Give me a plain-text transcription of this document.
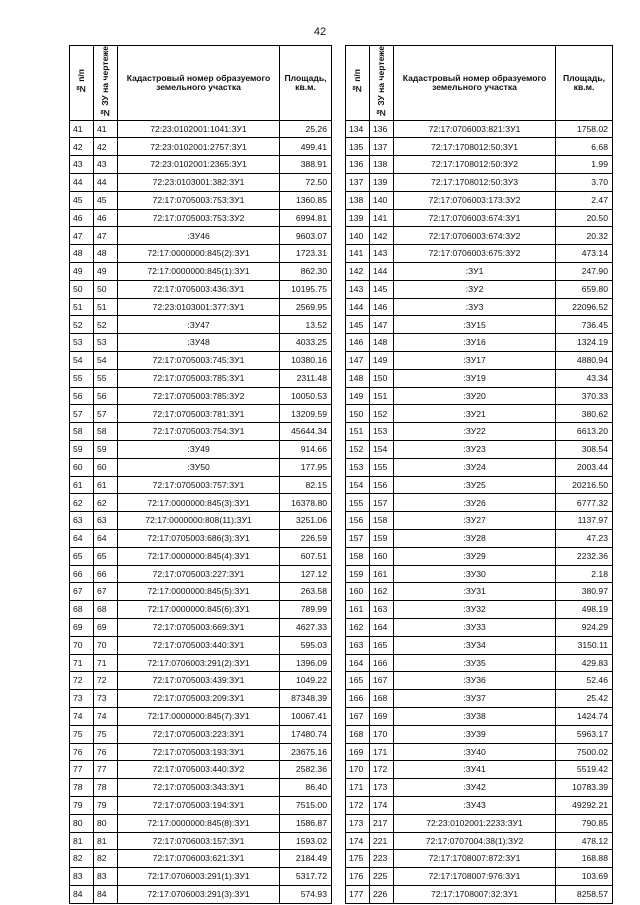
42
№ п/п	№ ЗУ на чертеже	Кадастровый номер образуемого земельного участка	Площадь, кв.м.
41	41	72:23:0102001:1041:ЗУ1	25.26
42	42	72:23:0102001:2757:ЗУ1	499.41
43	43	72:23:0102001:2365:ЗУ1	388.91
44	44	72:23:0103001:382:ЗУ1	72.50
45	45	72:17:0705003:753:ЗУ1	1360.85
46	46	72:17:0705003:753:ЗУ2	6994.81
47	47	:ЗУ46	9603.07
48	48	72:17:0000000:845(2):ЗУ1	1723.31
49	49	72:17:0000000:845(1):ЗУ1	862.30
50	50	72:17:0705003:436:ЗУ1	10195.75
51	51	72:23:0103001:377:ЗУ1	2569.95
52	52	:ЗУ47	13.52
53	53	:ЗУ48	4033.25
54	54	72:17:0705003:745:ЗУ1	10380.16
55	55	72:17:0705003:785:ЗУ1	2311.48
56	56	72:17:0705003:785:ЗУ2	10050.53
57	57	72:17:0705003:781:ЗУ1	13209.59
58	58	72:17:0705003:754:ЗУ1	45644.34
59	59	:ЗУ49	914.66
60	60	:ЗУ50	177.95
61	61	72:17:0705003:757:ЗУ1	82.15
62	62	72:17:0000000:845(3):ЗУ1	16378.80
63	63	72:17:0000000:808(11):ЗУ1	3251.06
64	64	72:17:0705003:686(3):ЗУ1	226.59
65	65	72:17:0000000:845(4):ЗУ1	607.51
66	66	72:17:0705003:227:ЗУ1	127.12
67	67	72:17:0000000:845(5):ЗУ1	263.58
68	68	72:17:0000000:845(6):ЗУ1	789.99
69	69	72:17:0705003:669:ЗУ1	4627.33
70	70	72:17:0705003:440:ЗУ1	595.03
71	71	72:17:0706003:291(2):ЗУ1	1396.09
72	72	72:17:0705003:439:ЗУ1	1049.22
73	73	72:17:0705003:209:ЗУ1	87348.39
74	74	72:17:0000000:845(7):ЗУ1	10067.41
75	75	72:17:0705003:223:ЗУ1	17480.74
76	76	72:17:0705003:193:ЗУ1	23675.16
77	77	72:17:0705003:440:ЗУ2	2582.36
78	78	72:17:0705003:343:ЗУ1	86.40
79	79	72:17:0705003:194:ЗУ1	7515.00
80	80	72:17:0000000:845(8):ЗУ1	1586.87
81	81	72:17:0706003:157:ЗУ1	1593.02
82	82	72:17:0706003:621:ЗУ1	2184.49
83	83	72:17:0706003:291(1):ЗУ1	5317.72
84	84	72:17:0706003:291(3):ЗУ1	574.93
№ п/п	№ ЗУ на чертеже	Кадастровый номер образуемого земельного участка	Площадь, кв.м.
134	136	72:17:0706003:821:ЗУ1	1758.02
135	137	72:17:1708012:50:ЗУ1	6.68
136	138	72:17:1708012:50:ЗУ2	1.99
137	139	72:17:1708012:50:ЗУ3	3.70
138	140	72:17:0706003:173:ЗУ2	2.47
139	141	72:17:0706003:674:ЗУ1	20.50
140	142	72:17:0706003:674:ЗУ2	20.32
141	143	72:17:0706003:675:ЗУ2	473.14
142	144	:ЗУ1	247.90
143	145	:ЗУ2	659.80
144	146	:ЗУ3	22096.52
145	147	:ЗУ15	736.45
146	148	:ЗУ16	1324.19
147	149	:ЗУ17	4880.94
148	150	:ЗУ19	43.34
149	151	:ЗУ20	370.33
150	152	:ЗУ21	380.62
151	153	:ЗУ22	6613.20
152	154	:ЗУ23	308.54
153	155	:ЗУ24	2003.44
154	156	:ЗУ25	20216.50
155	157	:ЗУ26	6777.32
156	158	:ЗУ27	1137.97
157	159	:ЗУ28	47.23
158	160	:ЗУ29	2232.36
159	161	:ЗУ30	2.18
160	162	:ЗУ31	380.97
161	163	:ЗУ32	498.19
162	164	:ЗУ33	924.29
163	165	:ЗУ34	3150.11
164	166	:ЗУ35	429.83
165	167	:ЗУ36	52.46
166	168	:ЗУ37	25.42
167	169	:ЗУ38	1424.74
168	170	:ЗУ39	5963.17
169	171	:ЗУ40	7500.02
170	172	:ЗУ41	5519.42
171	173	:ЗУ42	10783.39
172	174	:ЗУ43	49292.21
173	217	72:23:0102001:2233:ЗУ1	790.85
174	221	72:17:0707004:38(1):ЗУ2	478.12
175	223	72:17:1708007:872:ЗУ1	168.88
176	225	72:17:1708007:976:ЗУ1	103.69
177	226	72:17:1708007:32:ЗУ1	8258.57
